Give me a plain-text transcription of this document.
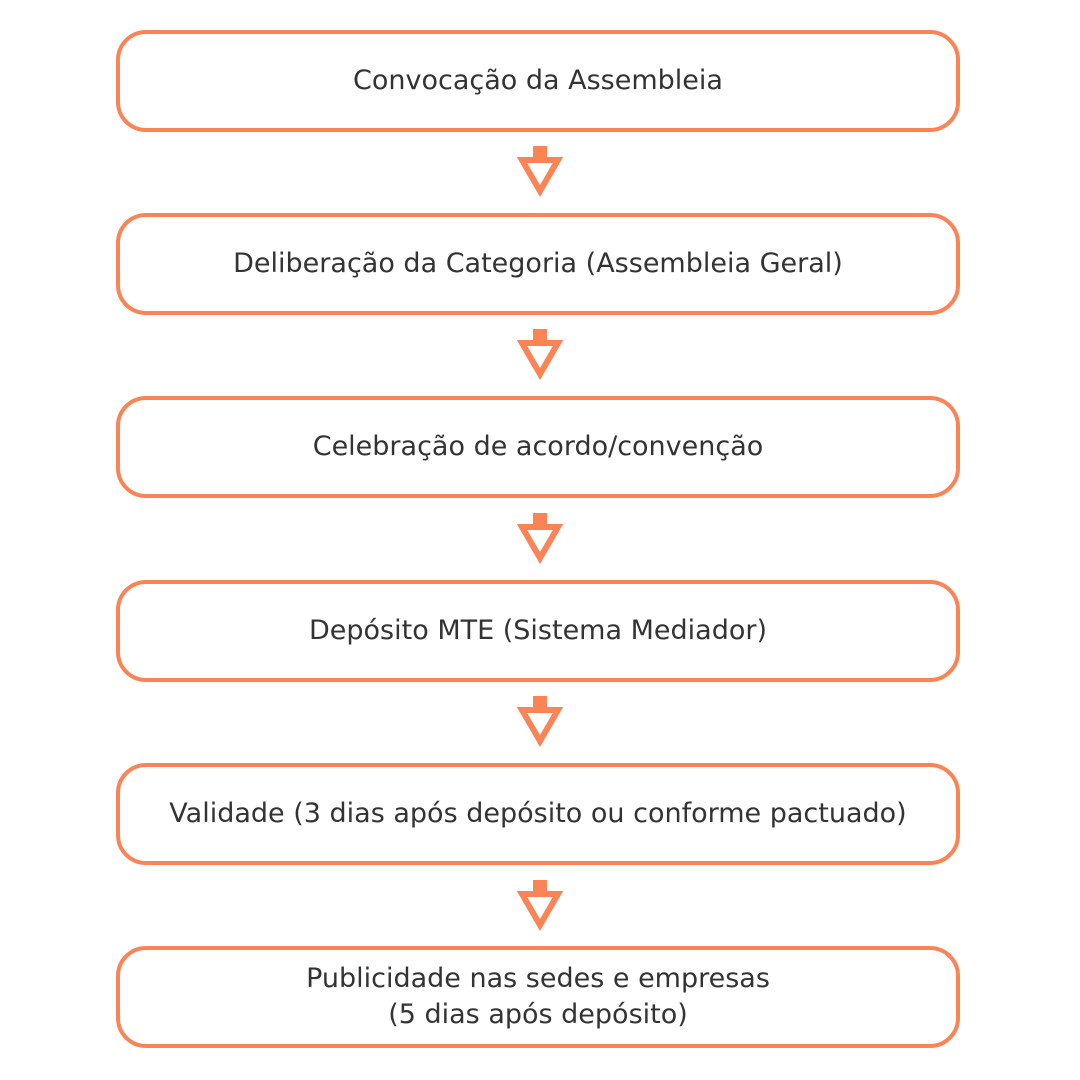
Convocação da Assembleia
Deliberação da Categoria (Assembleia Geral)
Celebração de acordo/convenção
Depósito MTE (Sistema Mediador)
Validade (3 dias após depósito ou conforme pactuado)
Publicidade nas sedes e empresas
(5 dias após depósito)
